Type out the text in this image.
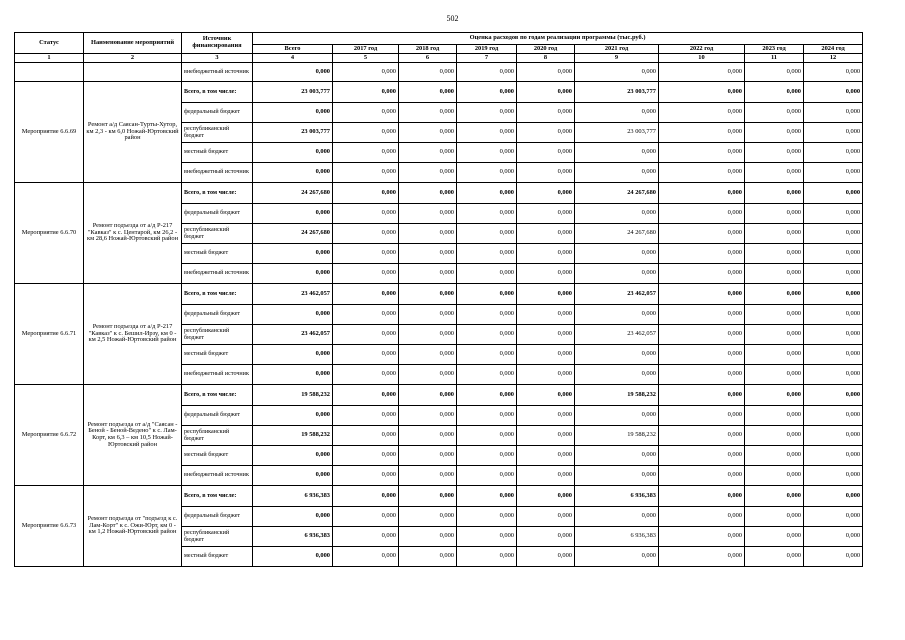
502
Статус	Наименование мероприятий	Источник финансирования	Оценка расходов по годам реализации программы (тыс.руб.)								
			Всего	2017 год	2018 год	2019 год	2020 год	2021 год	2022 год	2023 год	2024 год
1	2	3	4	5	6	7	8	9	10	11	12
		внебюджетный источник	0,000	0,000	0,000	0,000	0,000	0,000	0,000	0,000	0,000
Мероприятие 6.6.69	Ремонт а/д Саясан-Турты-Хутор, км 2,3 - км 6,0 Ножай-Юртовский район	Всего, в том числе:	23 003,777	0,000	0,000	0,000	0,000	23 003,777	0,000	0,000	0,000
		федеральный бюджет	0,000	0,000	0,000	0,000	0,000	0,000	0,000	0,000	0,000
		республиканский бюджет	23 003,777	0,000	0,000	0,000	0,000	23 003,777	0,000	0,000	0,000
		местный бюджет	0,000	0,000	0,000	0,000	0,000	0,000	0,000	0,000	0,000
		внебюджетный источник	0,000	0,000	0,000	0,000	0,000	0,000	0,000	0,000	0,000
Мероприятие 6.6.70	Ремонт подъезда от а/д Р-217 "Кавказ" к с. Центарой, км 26,2 - км 28,6 Ножай-Юртовский район	Всего, в том числе:	24 267,680	0,000	0,000	0,000	0,000	24 267,680	0,000	0,000	0,000
		федеральный бюджет	0,000	0,000	0,000	0,000	0,000	0,000	0,000	0,000	0,000
		республиканский бюджет	24 267,680	0,000	0,000	0,000	0,000	24 267,680	0,000	0,000	0,000
		местный бюджет	0,000	0,000	0,000	0,000	0,000	0,000	0,000	0,000	0,000
		внебюджетный источник	0,000	0,000	0,000	0,000	0,000	0,000	0,000	0,000	0,000
Мероприятие 6.6.71	Ремонт подъезда от а/д Р-217 "Кавказ" к с. Бешил-Ирзу, км 0 - км 2,5 Ножай-Юртовский район	Всего, в том числе:	23 462,057	0,000	0,000	0,000	0,000	23 462,057	0,000	0,000	0,000
		федеральный бюджет	0,000	0,000	0,000	0,000	0,000	0,000	0,000	0,000	0,000
		республиканский бюджет	23 462,057	0,000	0,000	0,000	0,000	23 462,057	0,000	0,000	0,000
		местный бюджет	0,000	0,000	0,000	0,000	0,000	0,000	0,000	0,000	0,000
		внебюджетный источник	0,000	0,000	0,000	0,000	0,000	0,000	0,000	0,000	0,000
Мероприятие 6.6.72	Ремонт подъезда от а/д "Саясан - Беной - Беной-Ведено" к с. Лам-Корт, км 6,3 – км 10,5 Ножай-Юртовский район	Всего, в том числе:	19 588,232	0,000	0,000	0,000	0,000	19 588,232	0,000	0,000	0,000
		федеральный бюджет	0,000	0,000	0,000	0,000	0,000	0,000	0,000	0,000	0,000
		республиканский бюджет	19 588,232	0,000	0,000	0,000	0,000	19 588,232	0,000	0,000	0,000
		местный бюджет	0,000	0,000	0,000	0,000	0,000	0,000	0,000	0,000	0,000
		внебюджетный источник	0,000	0,000	0,000	0,000	0,000	0,000	0,000	0,000	0,000
Мероприятие 6.6.73	Ремонт подъезда от "подъезд к с. Лам-Корт" к с. Ожи-Юрт, км 0 - км 1,2 Ножай-Юртовский район	Всего, в том числе:	6 936,383	0,000	0,000	0,000	0,000	6 936,383	0,000	0,000	0,000
		федеральный бюджет	0,000	0,000	0,000	0,000	0,000	0,000	0,000	0,000	0,000
		республиканский бюджет	6 936,383	0,000	0,000	0,000	0,000	6 936,383	0,000	0,000	0,000
		местный бюджет	0,000	0,000	0,000	0,000	0,000	0,000	0,000	0,000	0,000
